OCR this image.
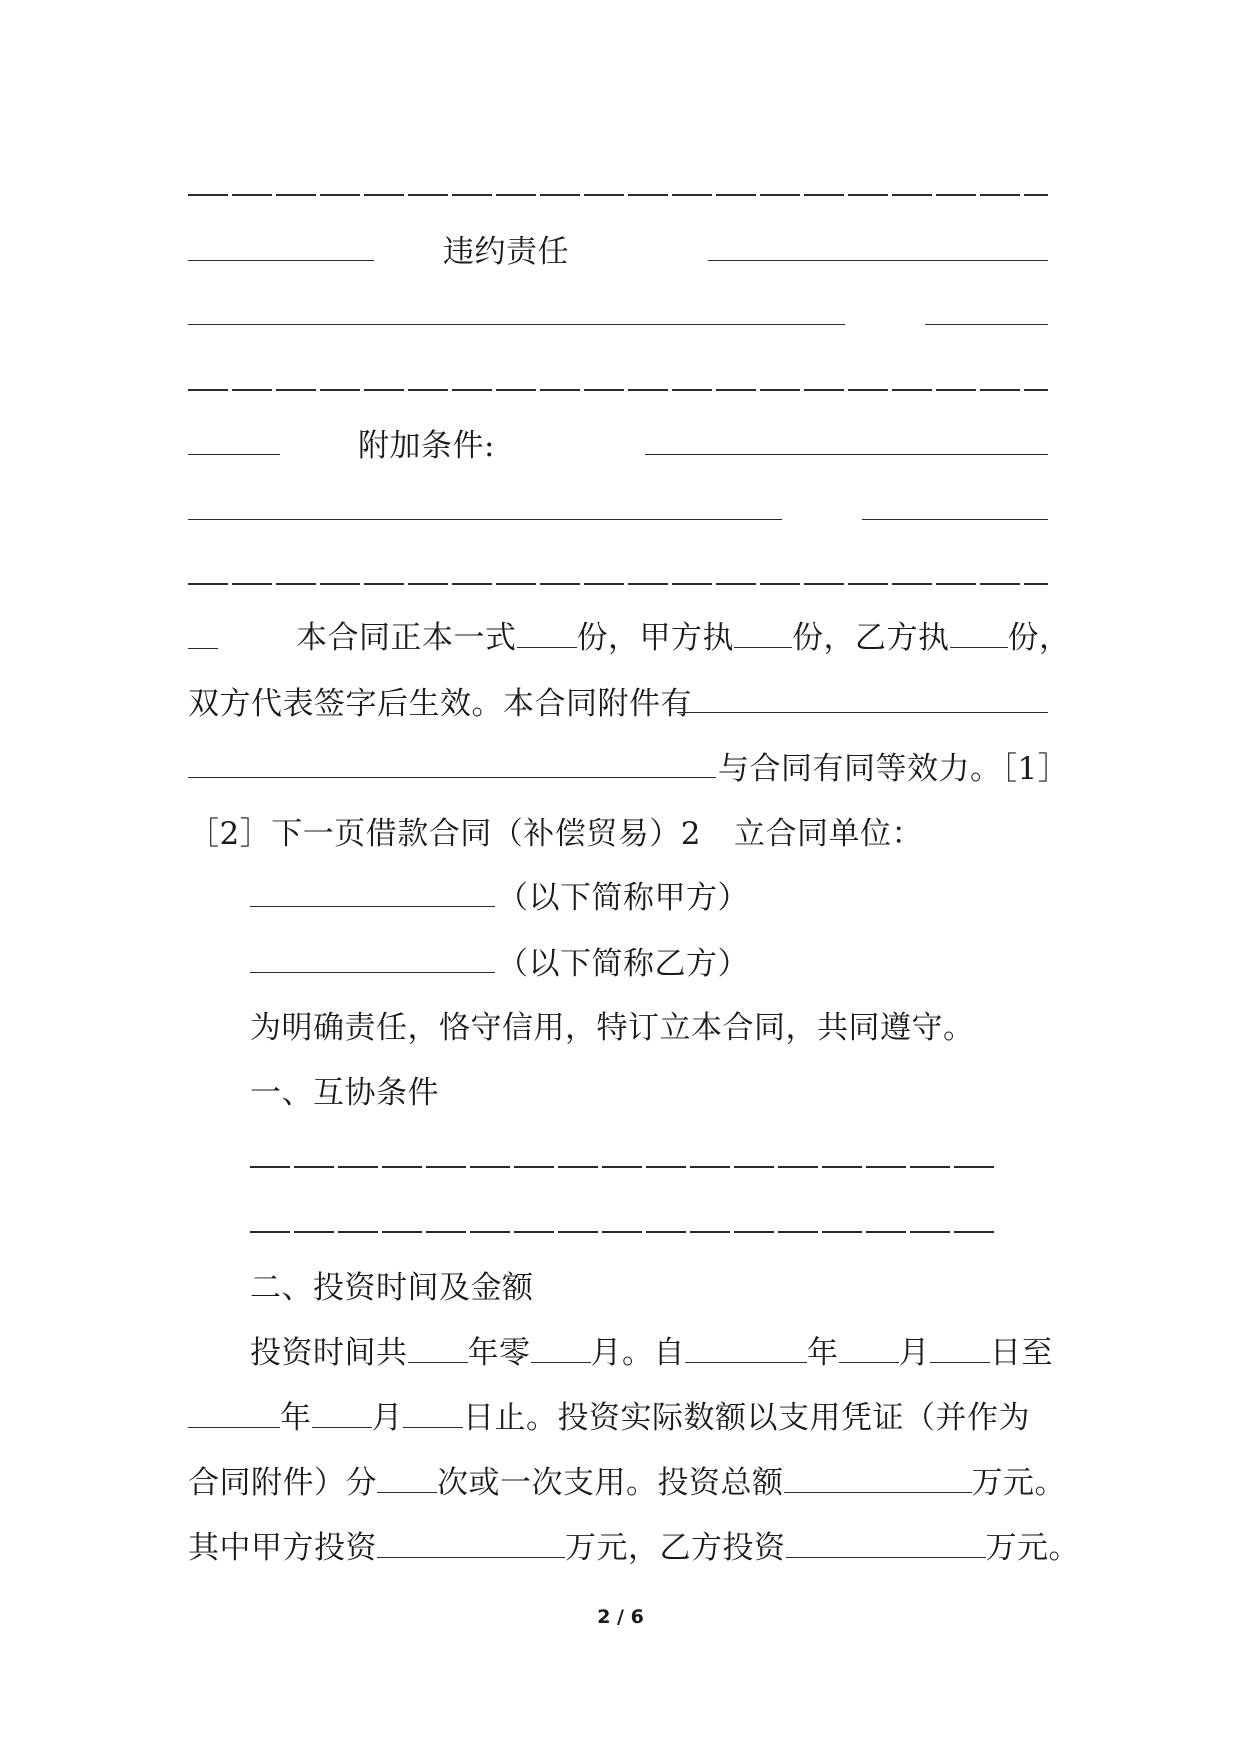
违约责任
附加条件:
本合同正本一式 份，甲方执 份，乙方执 份，
双方代表签字后生效。本合同附件有
与合同有同等效力。［1］
［2］下一页借款合同（补偿贸易）2 立合同单位：
（以下简称甲方）
（以下简称乙方）
为明确责任，恪守信用，特订立本合同，共同遵守。
一、互协条件
二、投资时间及金额
投资时间共 年零 月。自	年 月 日至
年 月 日止。投资实际数额以支用凭证（并作为
合同附件）分 次或一次支用。投资总额	万元。
其中甲方投资	万元，乙方投资	万元。
2 / 6
